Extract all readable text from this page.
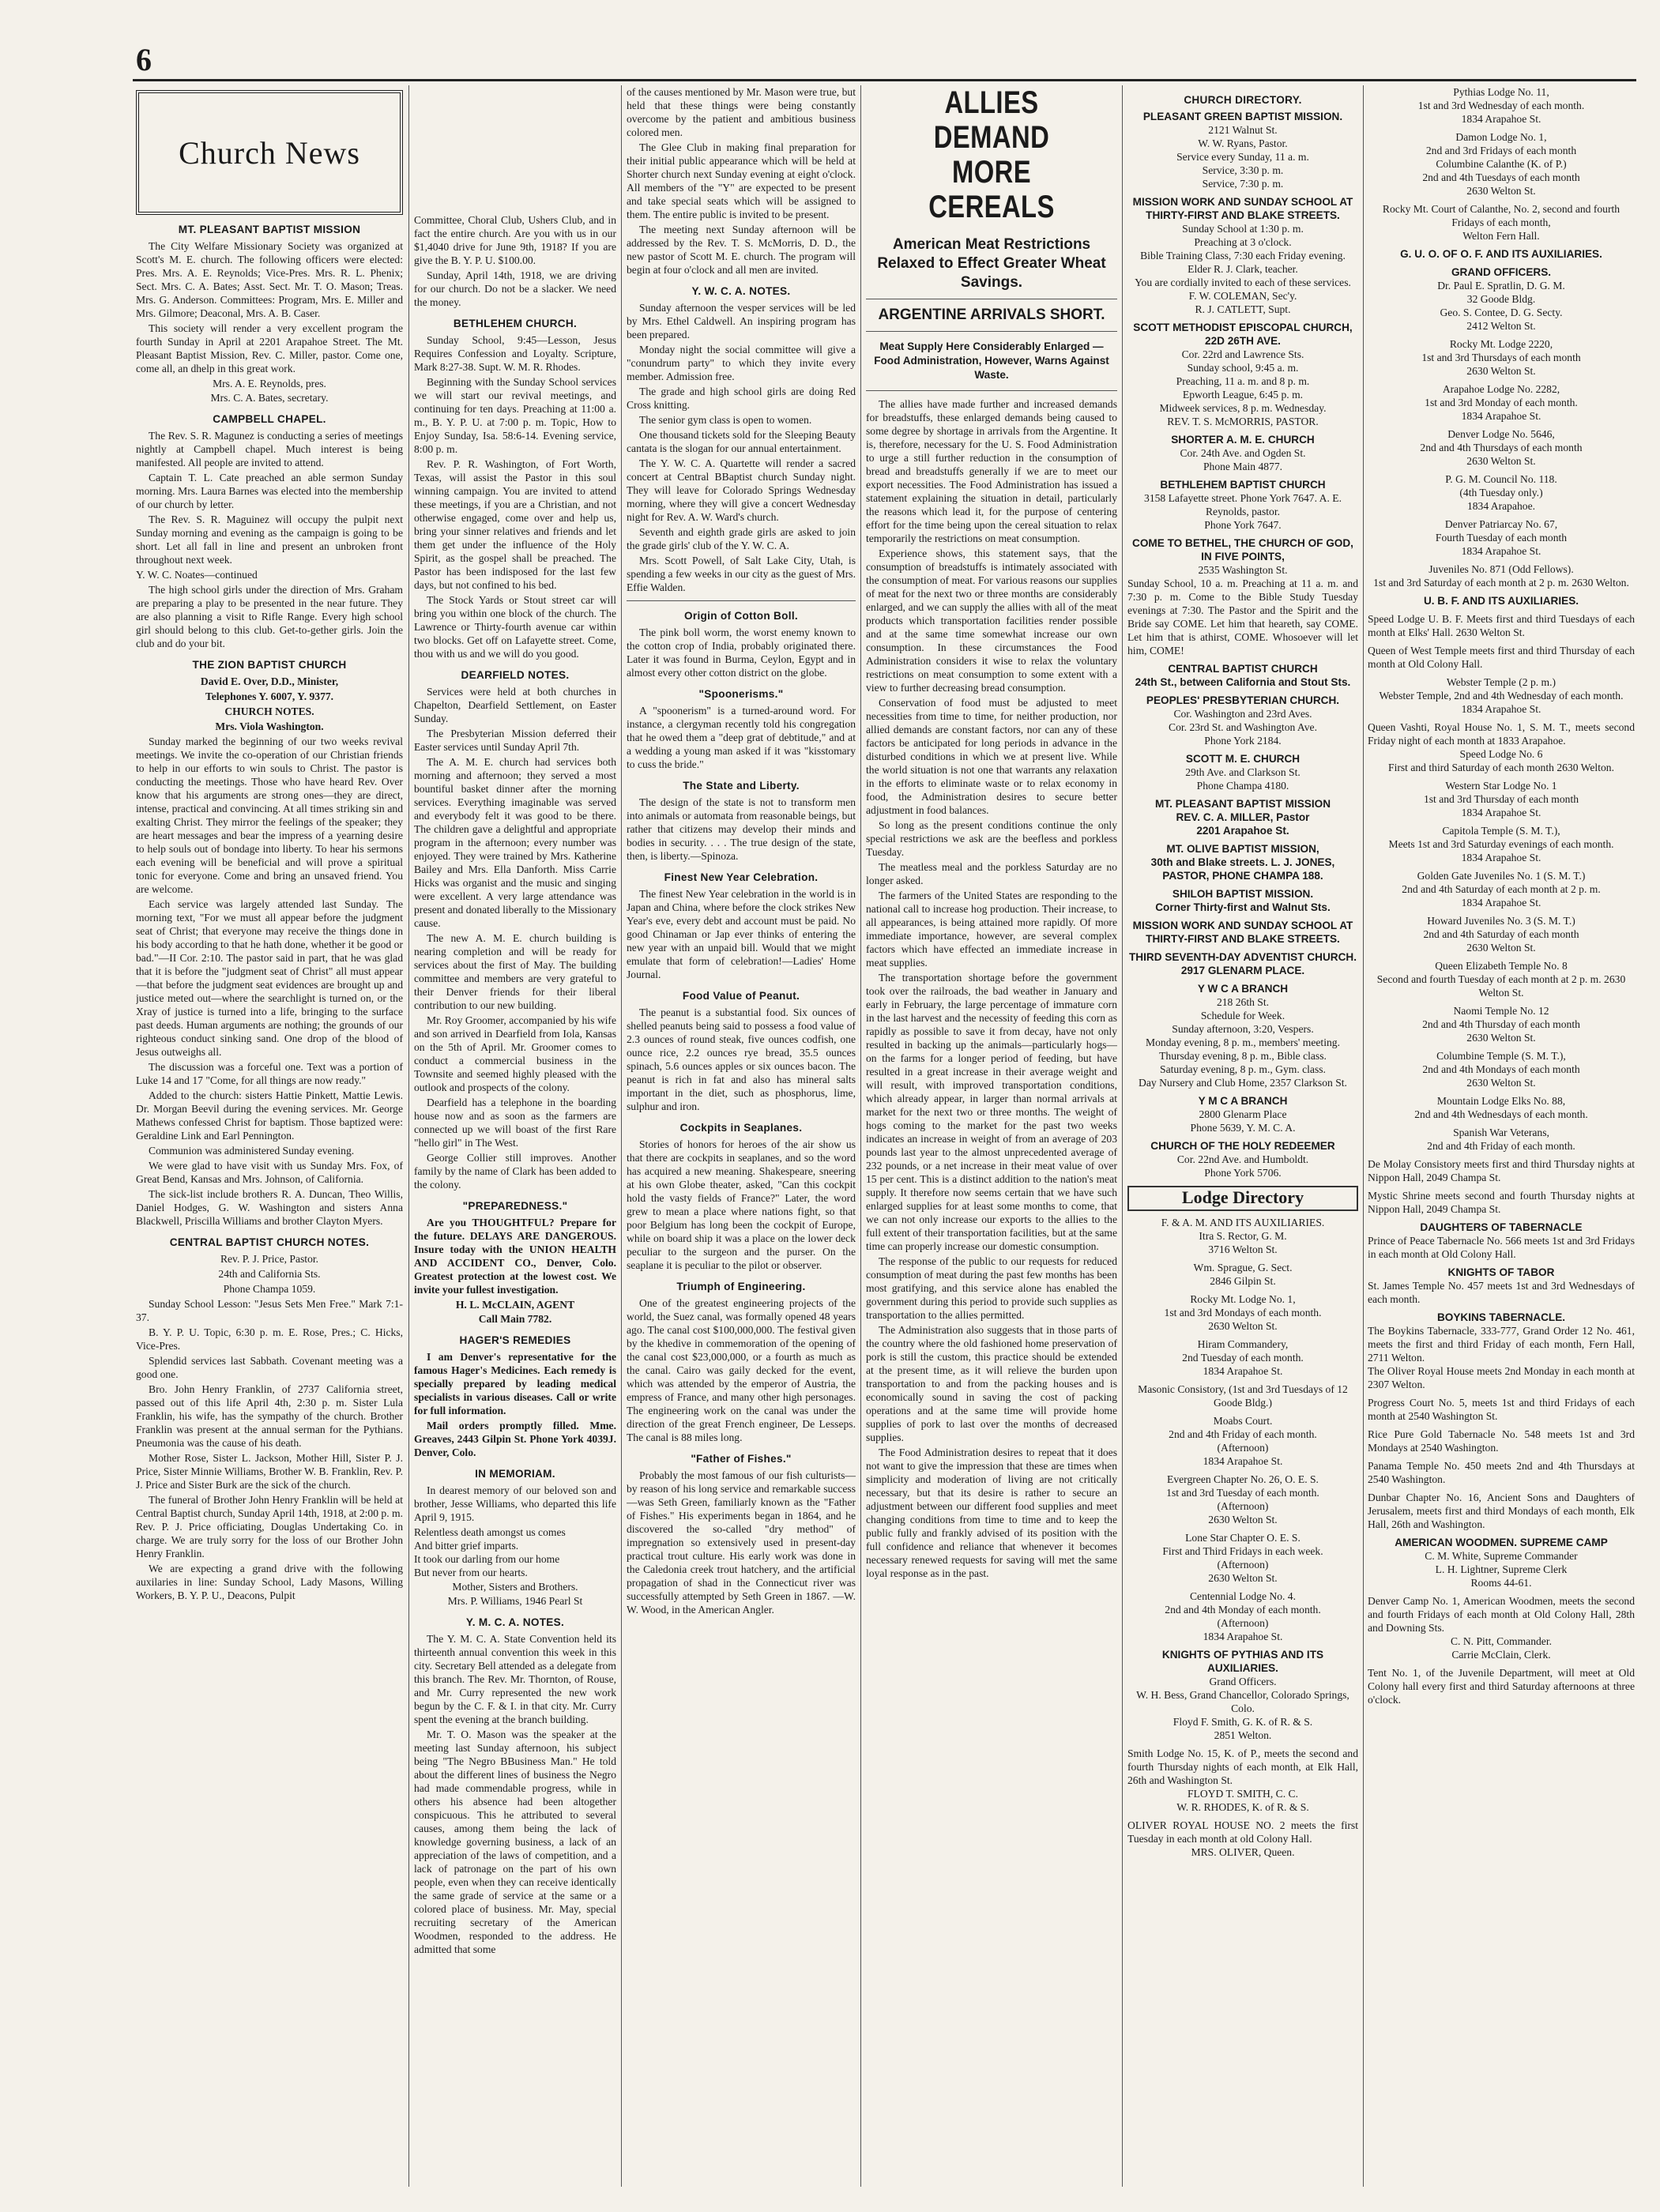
6
Church News
MT. PLEASANT BAPTIST MISSION

The City Welfare Missionary Society was organized at Scott's M. E. church. The following officers were elected: Pres. Mrs. A. E. Reynolds; Vice-Pres. Mrs. R. L. Phenix; Sect. Mrs. C. A. Bates; Asst. Sect. Mr. T. O. Mason; Treas. Mrs. G. Anderson. Committees: Program, Mrs. E. Miller and Mrs. Gilmore; Deaconal, Mrs. A. B. Caser.

This society will render a very excellent program the fourth Sunday in April at 2201 Arapahoe Street. The Mt. Pleasant Baptist Mission, Rev. C. Miller, pastor. Come one, come all, an dhelp in this great work.

Mrs. A. E. Reynolds, pres.
Mrs. C. A. Bates, secretary.
CAMPBELL CHAPEL.

The Rev. S. R. Magunez is conducting a series of meetings nightly at Campbell chapel. Much interest is being manifested. All people are invited to attend.

Captain T. L. Cate preached an able sermon Sunday morning. Mrs. Laura Barnes was elected into the membership of our church by letter.

The Rev. S. R. Maguinez will occupy the pulpit next Sunday morning and evening as the campaign is going to be short. Let all fall in line and present an unbroken front throughout next week.

Y. W. C. Noates—continued

The high school girls under the direction of Mrs. Graham are preparing a play to be presented in the near future. They are also planning a visit to Rifle Range. Every high school girl should belong to this club. Get-to-gether girls. Join the club and do your bit.

THE ZION BAPTIST CHURCH
David E. Over, D.D., Minister,
Telephones Y. 6007, Y. 9377.
CHURCH NOTES.
Mrs. Viola Washington.

Sunday marked the beginning of our two weeks revival meetings. We invite the co-operation of our Christian friends to help in our efforts to win souls to Christ. The pastor is conducting the meetings. Those who have heard Rev. Over know that his arguments are strong ones—they are direct, intense, practical and convincing. At all times striking sin and exalting Christ. They mirror the feelings of the speaker; they are heart messages and bear the impress of a yearning desire to help souls out of bondage into liberty. To hear his sermons each evening will be beneficial and will prove a spiritual tonic for everyone. Come and bring an unsaved friend. You are welcome.

Each service was largely attended last Sunday. The morning text, "For we must all appear before the judgment seat of Christ; that everyone may receive the things done in his body according to that he hath done, whether it be good or bad."—II Cor. 2:10. The pastor said in part, that he was glad that it is before the "judgment seat of Christ" all must appear—that before the judgment seat evidences are brought up and justice meted out—where the searchlight is turned on, or the Xray of justice is turned into a life, bringing to the surface past deeds. Human arguments are nothing; the grounds of our righteous conduct sinking sand. One drop of the blood of Jesus outweighs all.

The discussion was a forceful one. Text was a portion of Luke 14 and 17 "Come, for all things are now ready."

Added to the church: sisters Hattie Pinkett, Mattie Lewis. Dr. Morgan Beevil during the evening services. Mr. George Mathews confessed Christ for baptism. Those baptized were: Geraldine Link and Earl Pennington.

Communion was administered Sunday evening.

We were glad to have visit with us Sunday Mrs. Fox, of Great Bend, Kansas and Mrs. Johnson, of California.

The sick-list include brothers R. A. Duncan, Theo Willis, Daniel Hodges, G. W. Washington and sisters Anna Blackwell, Priscilla Williams and brother Clayton Myers.

CENTRAL BAPTIST CHURCH NOTES.
Rev. P. J. Price, Pastor.
24th and California Sts.
Phone Champa 1059.

Sunday School Lesson: "Jesus Sets Men Free." Mark 7:1-37.

B. Y. P. U. Topic, 6:30 p. m. E. Rose, Pres.; C. Hicks, Vice-Pres.

Splendid services last Sabbath. Covenant meeting was a good one.

Bro. John Henry Franklin, of 2737 California street, passed out of this life April 4th, 2:30 p. m. Sister Lula Franklin, his wife, has the sympathy of the church. Brother Franklin was present at the annual serman for the Pythians. Pneumonia was the cause of his death.

Mother Rose, Sister L. Jackson, Mother Hill, Sister P. J. Price, Sister Minnie Williams, Brother W. B. Franklin, Rev. P. J. Price and Sister Burk are the sick of the church.

The funeral of Brother John Henry Franklin will be held at Central Baptist church, Sunday April 14th, 1918, at 2:00 p. m. Rev. P. J. Price officiating, Douglas Undertaking Co. in charge. We are truly sorry for the loss of our Brother John Henry Franklin.

We are expecting a grand drive with the following auxilaries in line: Sunday School, Lady Masons, Willing Workers, B. Y. P. U., Deacons, Pulpit

Committee, Choral Club, Ushers Club, and in fact the entire church. Are you with us in our $1,4040 drive for June 9th, 1918? If you are give the B. Y. P. U. $100.00.

Sunday, April 14th, 1918, we are driving for our church. Do not be a slacker. We need the money.

BETHLEHEM CHURCH.

Sunday School, 9:45—Lesson, Jesus Requires Confession and Loyalty. Scripture, Mark 8:27-38. Supt. W. M. R. Rhodes.

Beginning with the Sunday School services we will start our revival meetings, and continuing for ten days. Preaching at 11:00 a. m., B. Y. P. U. at 7:00 p. m. Topic, How to Enjoy Sunday, Isa. 58:6-14. Evening service, 8:00 p. m.

Rev. P. R. Washington, of Fort Worth, Texas, will assist the Pastor in this soul winning campaign. You are invited to attend these meetings, if you are a Christian, and not otherwise engaged, come over and help us, bring your sinner relatives and friends and let them get under the influence of the Holy Spirit, as the gospel shall be preached. The Pastor has been indisposed for the last few days, but not confined to his bed.

The Stock Yards or Stout street car will bring you within one block of the church. The Lawrence or Thirty-fourth avenue car within two blocks. Get off on Lafayette street. Come, thou with us and we will do you good.

DEARFIELD NOTES.

Services were held at both churches in Chapelton, Dearfield Settlement, on Easter Sunday.

The Presbyterian Mission deferred their Easter services until Sunday April 7th.

The A. M. E. church had services both morning and afternoon; they served a most bountiful basket dinner after the morning services. Everything imaginable was served and everybody felt it was good to be there. The children gave a delightful and appropriate program in the afternoon; every number was enjoyed. They were trained by Mrs. Katherine Bailey and Mrs. Ella Danforth. Miss Carrie Hicks was organist and the music and singing were excellent. A very large attendance was present and donated liberally to the Missionary cause.

The new A. M. E. church building is nearing completion and will be ready for services about the first of May. The building committee and members are very grateful to their Denver friends for their liberal contribution to our new building.

Mr. Roy Groomer, accompanied by his wife and son arrived in Dearfield from Iola, Kansas on the 5th of April. Mr. Groomer comes to conduct a commercial business in the Townsite and seemed highly pleased with the outlook and prospects of the colony.

Dearfield has a telephone in the boarding house now and as soon as the farmers are connected up we will boast of the first Rare "hello girl" in The West.

George Collier still improves. Another family by the name of Clark has been added to the colony.

"PREPAREDNESS."

Are you THOUGHTFUL? Prepare for the future. DELAYS ARE DANGEROUS. Insure today with the UNION HEALTH AND ACCIDENT CO., Denver, Colo. Greatest protection at the lowest cost. We invite your fullest investigation.

H. L. McCLAIN, AGENT
Call Main 7782.
HAGER'S REMEDIES

I am Denver's representative for the famous Hager's Medicines. Each remedy is specially prepared by leading medical specialists in various diseases. Call or write for full information.

Mail orders promptly filled. Mme. Greaves, 2443 Gilpin St. Phone York 4039J. Denver, Colo.

IN MEMORIAM.

In dearest memory of our beloved son and brother, Jesse Williams, who departed this life April 9, 1915.

Relentless death amongst us comes
And bitter grief imparts.
It took our darling from our home
But never from our hearts.
Mother, Sisters and Brothers.
Mrs. P. Williams, 1946 Pearl St
Y. M. C. A. NOTES.

The Y. M. C. A. State Convention held its thirteenth annual convention this week in this city. Secretary Bell attended as a delegate from this branch. The Rev. Mr. Thornton, of Rouse, and Mr. Curry represented the new work begun by the C. F. & I. in that city. Mr. Curry spent the evening at the branch building.

Mr. T. O. Mason was the speaker at the meeting last Sunday afternoon, his subject being "The Negro BBusiness Man." He told about the different lines of business the Negro had made commendable progress, while in others his absence had been altogether conspicuous. This he attributed to several causes, among them being the lack of knowledge governing business, a lack of an appreciation of the laws of competition, and a lack of patronage on the part of his own people, even when they can receive identically the same grade of service at the same or a colored place of business. Mr. May, special recruiting secretary of the American Woodmen, responded to the address. He admitted that some

of the causes mentioned by Mr. Mason were true, but held that these things were being constantly overcome by the patient and ambitious business colored men.

The Glee Club in making final preparation for their initial public appearance which will be held at Shorter church next Sunday evening at eight o'clock. All members of the "Y" are expected to be present and take special seats which will be assigned to them. The entire public is invited to be present.

The meeting next Sunday afternoon will be addressed by the Rev. T. S. McMorris, D. D., the new pastor of Scott M. E. church. The program will begin at four o'clock and all men are invited.

Y. W. C. A. NOTES.

Sunday afternoon the vesper services will be led by Mrs. Ethel Caldwell. An inspiring program has been prepared.

Monday night the social committee will give a "conundrum party" to which they invite every member. Admission free.

The grade and high school girls are doing Red Cross knitting.

The senior gym class is open to women.

One thousand tickets sold for the Sleeping Beauty cantata is the slogan for our annual entertainment.

The Y. W. C. A. Quartette will render a sacred concert at Central BBaptist church Sunday night. They will leave for Colorado Springs Wednesday morning, where they will give a concert Wednesday night for Rev. A. W. Ward's church.

Seventh and eighth grade girls are asked to join the grade girls' club of the Y. W. C. A.

Mrs. Scott Powell, of Salt Lake City, Utah, is spending a few weeks in our city as the guest of Mrs. Effie Walden.

Origin of Cotton Boll.

The pink boll worm, the worst enemy known to the cotton crop of India, probably originated there. Later it was found in Burma, Ceylon, Egypt and in almost every other cotton district on the globe.

"Spoonerisms."

A "spoonerism" is a turned-around word. For instance, a clergyman recently told his congregation that he owed them a "deep grat of debtitude," and at a wedding a young man asked if it was "kisstomary to cuss the bride."

The State and Liberty.

The design of the state is not to transform men into animals or automata from reasonable beings, but rather that citizens may develop their minds and bodies in security. . . . The true design of the state, then, is liberty.—Spinoza.

Finest New Year Celebration.

The finest New Year celebration in the world is in Japan and China, where before the clock strikes New Year's eve, every debt and account must be paid. No good Chinaman or Jap ever thinks of entering the new year with an unpaid bill. Would that we might emulate that form of celebration!—Ladies' Home Journal.

Food Value of Peanut.

The peanut is a substantial food. Six ounces of shelled peanuts being said to possess a food value of 2.3 ounces of round steak, five ounces codfish, one ounce rice, 2.2 ounces rye bread, 35.5 ounces spinach, 5.6 ounces apples or six ounces bacon. The peanut is rich in fat and also has mineral salts important in the diet, such as phosphorus, lime, sulphur and iron.

Cockpits in Seaplanes.

Stories of honors for heroes of the air show us that there are cockpits in seaplanes, and so the word has acquired a new meaning. Shakespeare, sneering at his own Globe theater, asked, "Can this cockpit hold the vasty fields of France?" Later, the word grew to mean a place where nations fight, so that poor Belgium has long been the cockpit of Europe, while on board ship it was a place on the lower deck peculiar to the surgeon and the purser. On the seaplane it is peculiar to the pilot or observer.

Triumph of Engineering.

One of the greatest engineering projects of the world, the Suez canal, was formally opened 48 years ago. The canal cost $100,000,000. The festival given by the khedive in commemoration of the opening of the canal cost $23,000,000, or a fourth as much as the canal. Cairo was gaily decked for the event, which was attended by the emperor of Austria, the empress of France, and many other high personages. The engineering work on the canal was under the direction of the great French engineer, De Lesseps. The canal is 88 miles long.

"Father of Fishes."

Probably the most famous of our fish culturists—by reason of his long service and remarkable success—was Seth Green, familiarly known as the "Father of Fishes." His experiments began in 1864, and he discovered the so-called "dry method" of impregnation so extensively used in present-day practical trout culture. His early work was done in the Caledonia creek trout hatchery, and the artificial propagation of shad in the Connecticut river was successfully attempted by Seth Green in 1867. —W. W. Wood, in the American Angler.

ALLIES DEMAND
MORE CEREALS
American Meat Restrictions Relaxed to Effect Greater Wheat Savings.
ARGENTINE ARRIVALS SHORT.
Meat Supply Here Considerably Enlarged — Food Administration, However, Warns Against Waste.

The allies have made further and increased demands for breadstuffs, these enlarged demands being caused to some degree by shortage in arrivals from the Argentine. It is, therefore, necessary for the U. S. Food Administration to urge a still further reduction in the consumption of bread and breadstuffs generally if we are to meet our export necessities. The Food Administration has issued a statement explaining the situation in detail, particularly the reasons which lead it, for the purpose of centering effort for the time being upon the cereal situation to relax temporarily the restrictions on meat consumption.

Experience shows, this statement says, that the consumption of breadstuffs is intimately associated with the consumption of meat. For various reasons our supplies of meat for the next two or three months are considerably enlarged, and we can supply the allies with all of the meat products which transportation facilities render possible and at the same time somewhat increase our own consumption. In these circumstances the Food Administration considers it wise to relax the voluntary restrictions on meat consumption to some extent with a view to further decreasing bread consumption.

Conservation of food must be adjusted to meet necessities from time to time, for neither production, nor allied demands are constant factors, nor can any of these factors be anticipated for long periods in advance in the disturbed conditions in which we at present live. While the world situation is not one that warrants any relaxation in the efforts to eliminate waste or to relax economy in food, the Administration desires to secure better adjustment in food balances.

So long as the present conditions continue the only special restrictions we ask are the beefless and porkless Tuesday.

The meatless meal and the porkless Saturday are no longer asked.

The farmers of the United States are responding to the national call to increase hog production. Their increase, to all appearances, is being attained more rapidly. Of more immediate importance, however, are several complex factors which have effected an immediate increase in meat supplies.

The transportation shortage before the government took over the railroads, the bad weather in January and early in February, the large percentage of immature corn in the last harvest and the necessity of feeding this corn as rapidly as possible to save it from decay, have not only resulted in backing up the animals—particularly hogs—on the farms for a longer period of feeding, but have resulted in a great increase in their average weight and will result, with improved transportation conditions, which already appear, in larger than normal arrivals at market for the next two or three months. The weight of hogs coming to the market for the past two weeks indicates an increase in weight of from an average of 203 pounds last year to the almost unprecedented average of 232 pounds, or a net increase in their meat value of over 15 per cent. This is a distinct addition to the nation's meat supply. It therefore now seems certain that we have such enlarged supplies for at least some months to come, that we can not only increase our exports to the allies to the full extent of their transportation facilities, but at the same time can properly increase our domestic consumption.

The response of the public to our requests for reduced consumption of meat during the past few months has been most gratifying, and this service alone has enabled the government during this period to provide such supplies as transportation to the allies permitted.

The Administration also suggests that in those parts of the country where the old fashioned home preservation of pork is still the custom, this practice should be extended at the present time, as it will relieve the burden upon transportation to and from the packing houses and is economically sound in saving the cost of packing operations and at the same time will provide home supplies of pork to last over the months of decreased supplies.

The Food Administration desires to repeat that it does not want to give the impression that these are times when simplicity and moderation of living are not critically necessary, but that its desire is rather to secure an adjustment between our different food supplies and meet changing conditions from time to time and to keep the public fully and frankly advised of its position with the full confidence and reliance that whenever it becomes necessary renewed requests for saving will met the same loyal response as in the past.

CHURCH DIRECTORY.
PLEASANT GREEN BAPTIST MISSION.
2121 Walnut St.
W. W. Ryans, Pastor.
Service every Sunday, 11 a. m.
Service, 3:30 p. m.
Service, 7:30 p. m.
MISSION WORK AND SUNDAY SCHOOL AT THIRTY-FIRST AND BLAKE STREETS.
Sunday School at 1:30 p. m.
Preaching at 3 o'clock.
Bible Training Class, 7:30 each Friday evening.
Elder R. J. Clark, teacher.
You are cordially invited to each of these services.
F. W. COLEMAN, Sec'y.
R. J. CATLETT, Supt.
SCOTT METHODIST EPISCOPAL CHURCH, 22D 26TH AVE.
Cor. 22rd and Lawrence Sts.
Sunday school, 9:45 a. m.
Preaching, 11 a. m. and 8 p. m.
Epworth League, 6:45 p. m.
Midweek services, 8 p. m. Wednesday.
REV. T. S. McMORRIS, PASTOR.
SHORTER A. M. E. CHURCH
Cor. 24th Ave. and Ogden St.
Phone Main 4877.
BETHLEHEM BAPTIST CHURCH
3158 Lafayette street. Phone York 7647. A. E. Reynolds, pastor.
Phone York 7647.
COME TO BETHEL, THE CHURCH OF GOD, IN FIVE POINTS,
2535 Washington St.
Sunday School, 10 a. m. Preaching at 11 a. m. and 7:30 p. m. Come to the Bible Study Tuesday evenings at 7:30. The Pastor and the Spirit and the Bride say COME. Let him that heareth, say COME. Let him that is athirst, COME. Whosoever will let him, COME!
CENTRAL BAPTIST CHURCH
24th St., between California and Stout Sts.
PEOPLES' PRESBYTERIAN CHURCH.
Cor. Washington and 23rd Aves.
Cor. 23rd St. and Washington Ave.
Phone York 2184.
SCOTT M. E. CHURCH
29th Ave. and Clarkson St.
Phone Champa 4180.
MT. PLEASANT BAPTIST MISSION
REV. C. A. MILLER, Pastor
2201 Arapahoe St.
MT. OLIVE BAPTIST MISSION,
30th and Blake streets. L. J. JONES, PASTOR, PHONE CHAMPA 188.
SHILOH BAPTIST MISSION.
Corner Thirty-first and Walnut Sts.
MISSION WORK AND SUNDAY SCHOOL AT THIRTY-FIRST AND BLAKE STREETS.
THIRD SEVENTH-DAY ADVENTIST CHURCH.
2917 GLENARM PLACE.
Y W C A BRANCH
218 26th St.
Schedule for Week.
Sunday afternoon, 3:20, Vespers.
Monday evening, 8 p. m., members' meeting.
Thursday evening, 8 p. m., Bible class.
Saturday evening, 8 p. m., Gym. class.
Day Nursery and Club Home, 2357 Clarkson St.
Y M C A BRANCH
2800 Glenarm Place
Phone 5639, Y. M. C. A.
CHURCH OF THE HOLY REDEEMER
Cor. 22nd Ave. and Humboldt.
Phone York 5706.
Lodge Directory
F. & A. M. AND ITS AUXILIARIES.
Itra S. Rector, G. M.
3716 Welton St.
Wm. Sprague, G. Sect.
2846 Gilpin St.
Rocky Mt. Lodge No. 1,
1st and 3rd Mondays of each month.
2630 Welton St.
Hiram Commandery,
2nd Tuesday of each month.
1834 Arapahoe St.
Masonic Consistory, (1st and 3rd Tuesdays of 12 Goode Bldg.)
Moabs Court.
2nd and 4th Friday of each month.
(Afternoon)
1834 Arapahoe St.
Evergreen Chapter No. 26, O. E. S.
1st and 3rd Tuesday of each month.
(Afternoon)
2630 Welton St.
Lone Star Chapter O. E. S.
First and Third Fridays in each week.
(Afternoon)
2630 Welton St.
Centennial Lodge No. 4.
2nd and 4th Monday of each month.
(Afternoon)
1834 Arapahoe St.
KNIGHTS OF PYTHIAS AND ITS AUXILIARIES.
Grand Officers.
W. H. Bess, Grand Chancellor, Colorado Springs, Colo.
Floyd F. Smith, G. K. of R. & S.
2851 Welton.
Smith Lodge No. 15, K. of P., meets the second and fourth Thursday nights of each month, at Elk Hall, 26th and Washington St.
FLOYD T. SMITH, C. C.
W. R. RHODES, K. of R. & S.
OLIVER ROYAL HOUSE NO. 2 meets the first Tuesday in each month at old Colony Hall.
MRS. OLIVER, Queen.
Pythias Lodge No. 11,
1st and 3rd Wednesday of each month.
1834 Arapahoe St.
Damon Lodge No. 1,
2nd and 3rd Fridays of each month
Columbine Calanthe (K. of P.)
2nd and 4th Tuesdays of each month
2630 Welton St.
Rocky Mt. Court of Calanthe, No. 2, second and fourth Fridays of each month,
Welton Fern Hall.
G. U. O. OF O. F. AND ITS AUXILIARIES.
GRAND OFFICERS.
Dr. Paul E. Spratlin, D. G. M.
32 Goode Bldg.
Geo. S. Contee, D. G. Secty.
2412 Welton St.
Rocky Mt. Lodge 2220,
1st and 3rd Thursdays of each month
2630 Welton St.
Arapahoe Lodge No. 2282,
1st and 3rd Monday of each month.
1834 Arapahoe St.
Denver Lodge No. 5646,
2nd and 4th Thursdays of each month
2630 Welton St.
P. G. M. Council No. 118.
(4th Tuesday only.)
1834 Arapahoe.
Denver Patriarcay No. 67,
Fourth Tuesday of each month
1834 Arapahoe St.
Juveniles No. 871 (Odd Fellows).
1st and 3rd Saturday of each month at 2 p. m. 2630 Welton.
U. B. F. AND ITS AUXILIARIES.
Speed Lodge U. B. F. Meets first and third Tuesdays of each month at Elks' Hall. 2630 Welton St.
Queen of West Temple meets first and third Thursday of each month at Old Colony Hall.
Webster Temple (2 p. m.)
Webster Temple, 2nd and 4th Wednesday of each month.
1834 Arapahoe St.
Queen Vashti, Royal House No. 1, S. M. T., meets second Friday night of each month at 1833 Arapahoe.
Speed Lodge No. 6
First and third Saturday of each month 2630 Welton.
Western Star Lodge No. 1
1st and 3rd Thursday of each month
1834 Arapahoe St.
Capitola Temple (S. M. T.),
Meets 1st and 3rd Saturday evenings of each month.
1834 Arapahoe St.
Golden Gate Juveniles No. 1 (S. M. T.)
2nd and 4th Saturday of each month at 2 p. m.
1834 Arapahoe St.
Howard Juveniles No. 3 (S. M. T.)
2nd and 4th Saturday of each month
2630 Welton St.
Queen Elizabeth Temple No. 8
Second and fourth Tuesday of each month at 2 p. m. 2630 Welton St.
Naomi Temple No. 12
2nd and 4th Thursday of each month
2630 Welton St.
Columbine Temple (S. M. T.),
2nd and 4th Mondays of each month
2630 Welton St.
Mountain Lodge Elks No. 88,
2nd and 4th Wednesdays of each month.
Spanish War Veterans,
2nd and 4th Friday of each month.
De Molay Consistory meets first and third Thursday nights at Nippon Hall, 2049 Champa St.
Mystic Shrine meets second and fourth Thursday nights at Nippon Hall, 2049 Champa St.
DAUGHTERS OF TABERNACLE
Prince of Peace Tabernacle No. 566 meets 1st and 3rd Fridays in each month at Old Colony Hall.
KNIGHTS OF TABOR
St. James Temple No. 457 meets 1st and 3rd Wednesdays of each month.
BOYKINS TABERNACLE.
The Boykins Tabernacle, 333-777, Grand Order 12 No. 461, meets the first and third Friday of each month, Fern Hall, 2711 Welton.
The Oliver Royal House meets 2nd Monday in each month at 2307 Welton.
Progress Court No. 5, meets 1st and third Fridays of each month at 2540 Washington St.
Rice Pure Gold Tabernacle No. 548 meets 1st and 3rd Mondays at 2540 Washington.
Panama Temple No. 450 meets 2nd and 4th Thursdays at 2540 Washington.
Dunbar Chapter No. 16, Ancient Sons and Daughters of Jerusalem, meets first and third Mondays of each month, Elk Hall, 26th and Washington.
AMERICAN WOODMEN. SUPREME CAMP
C. M. White, Supreme Commander
L. H. Lightner, Supreme Clerk
Rooms 44-61.
Denver Camp No. 1, American Woodmen, meets the second and fourth Fridays of each month at Old Colony Hall, 28th and Downing Sts.
C. N. Pitt, Commander.
Carrie McClain, Clerk.
Tent No. 1, of the Juvenile Department, will meet at Old Colony hall every first and third Saturday afternoons at three o'clock.
